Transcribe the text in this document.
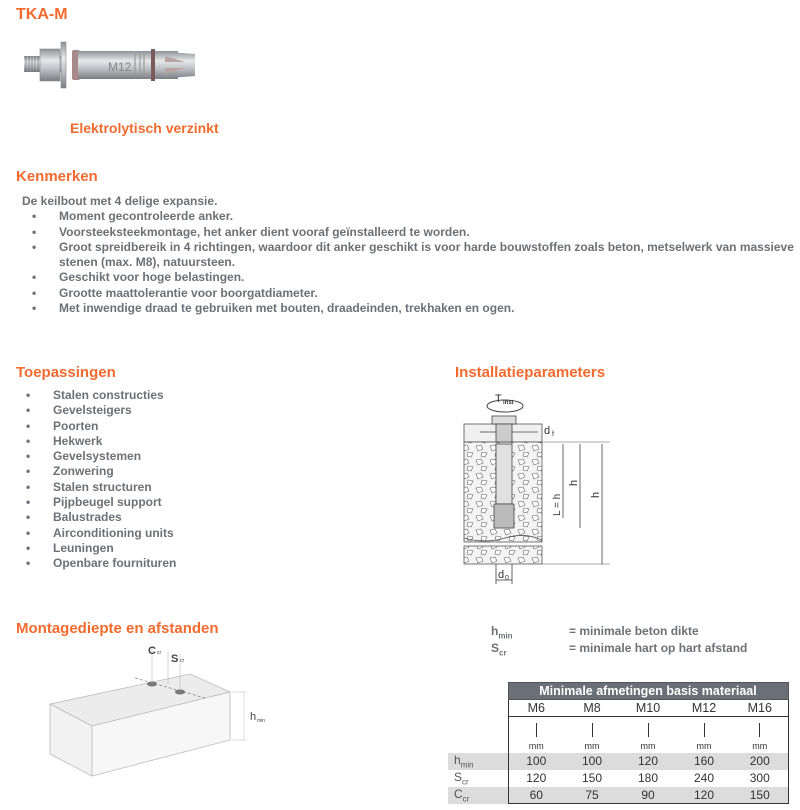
TKA-M
M12
Elektrolytisch verzinkt
Kenmerken
De keilbout met 4 delige expansie.
• Moment gecontroleerde anker.
• Voorsteeksteekmontage, het anker dient vooraf geïnstalleerd te worden.
• Groot spreidbereik in 4 richtingen, waardoor dit anker geschikt is voor harde bouwstoffen zoals beton, metselwerk van massieve
stenen (max. M8), natuursteen.
• Geschikt voor hoge belastingen.
• Grootte maattolerantie voor boorgatdiameter.
• Met inwendige draad te gebruiken met bouten, draadeinden, trekhaken en ogen.
Toepassingen
• Stalen constructies
• Gevelsteigers
• Poorten
• Hekwerk
• Gevelsystemen
• Zonwering
• Stalen structuren
• Pijpbeugel support
• Balustrades
• Airconditioning units
• Leuningen
• Openbare fournituren
Installatieparameters
T inst
d 0
d f
L = h
h
h
Montagediepte en afstanden
C cr S cr
h min
$h_{min}$	= minimale beton dikte
$S_{cr}$	= minimale hart op hart afstand
	Minimale afmetingen basis materiaal				
	M6	M8	M10	M12	M16

mm	mm	mm	mm	mm
$h_{min}$	100	100	120	160	200
$S_{cr}$	120	150	180	240	300
$C_{cr}$	60	75	90	120	150
